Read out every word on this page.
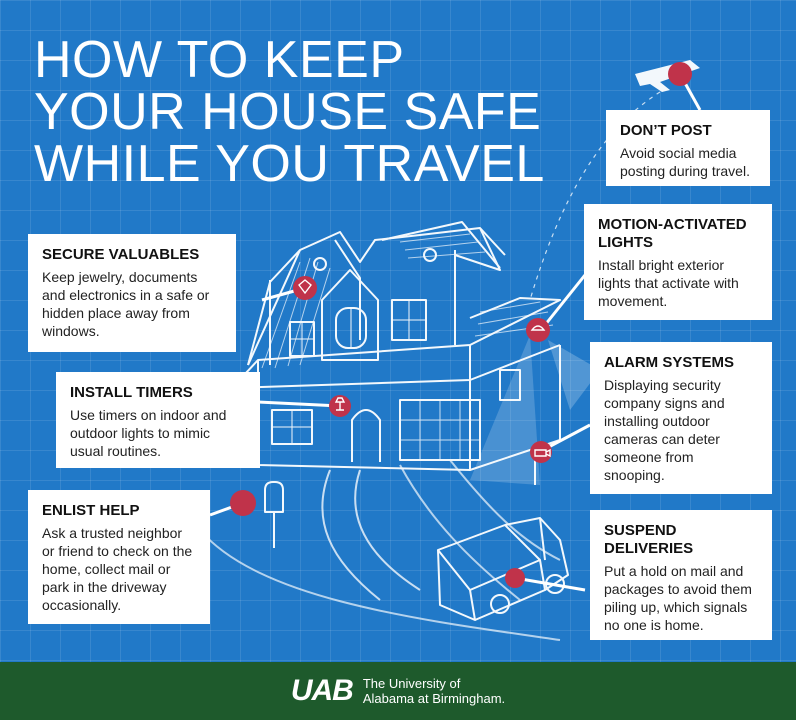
HOW TO KEEP
YOUR HOUSE SAFE
WHILE YOU TRAVEL
DON’T POST

Avoid social media posting during travel.

MOTION-ACTIVATED LIGHTS

Install bright exterior lights that activate with movement.

ALARM SYSTEMS

Displaying security company signs and installing outdoor cameras can deter someone from snooping.

SUSPEND DELIVERIES

Put a hold on mail and packages to avoid them piling up, which signals no one is home.

SECURE VALUABLES

Keep jewelry, documents and electronics in a safe or hidden place away from windows.

INSTALL TIMERS

Use timers on indoor and outdoor lights to mimic usual routines.

ENLIST HELP

Ask a trusted neighbor or friend to check on the home, collect mail or park in the driveway occasionally.

UAB The University of
Alabama at Birmingham.
